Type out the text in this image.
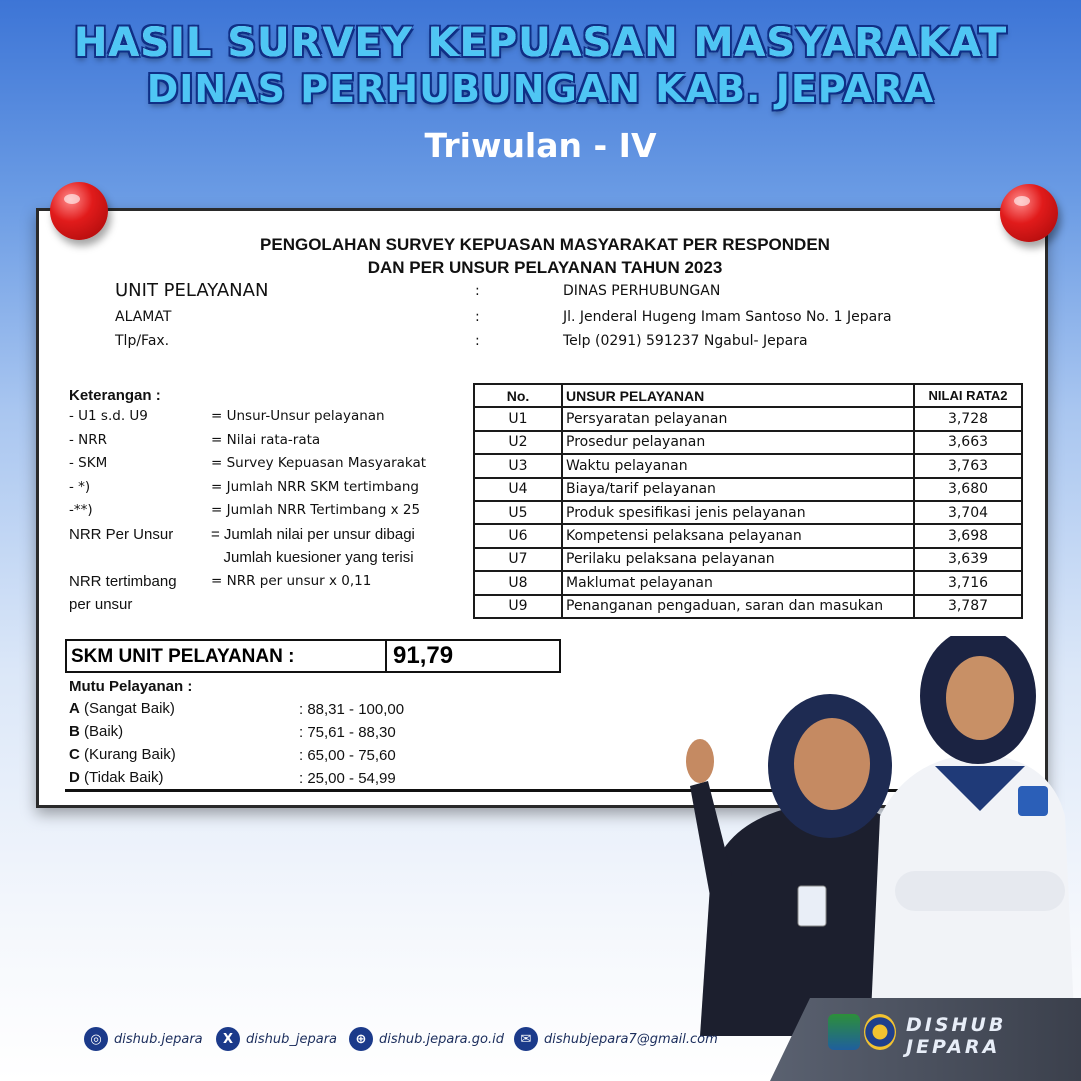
HASIL SURVEY KEPUASAN MASYARAKAT
DINAS PERHUBUNGAN KAB. JEPARA
Triwulan - IV
PENGOLAHAN SURVEY KEPUASAN MASYARAKAT PER RESPONDEN
DAN PER UNSUR PELAYANAN TAHUN 2023
UNIT PELAYANAN	:	DINAS PERHUBUNGAN
ALAMAT	:	Jl. Jenderal Hugeng Imam Santoso No. 1 Jepara
Tlp/Fax.	:	Telp (0291) 591237 Ngabul- Jepara
Keterangan :
- U1 s.d. U9	= Unsur-Unsur pelayanan
- NRR	= Nilai rata-rata
- SKM	= Survey Kepuasan Masyarakat
- *)	= Jumlah NRR SKM tertimbang
-**)	= Jumlah NRR Tertimbang x 25
NRR Per Unsur	= Jumlah nilai per unsur dibagi
Jumlah kuesioner yang terisi
NRR tertimbang	= NRR per unsur x 0,11
per unsur
No.	UNSUR PELAYANAN	NILAI RATA2
U1	Persyaratan pelayanan	3,728
U2	Prosedur pelayanan	3,663
U3	Waktu pelayanan	3,763
U4	Biaya/tarif pelayanan	3,680
U5	Produk spesifikasi jenis pelayanan	3,704
U6	Kompetensi pelaksana pelayanan	3,698
U7	Perilaku pelaksana pelayanan	3,639
U8	Maklumat pelayanan	3,716
U9	Penanganan pengaduan, saran dan masukan	3,787
SKM UNIT PELAYANAN :	91,79
Mutu Pelayanan :
A (Sangat Baik)	: 88,31 - 100,00
B (Baik)	: 75,61 - 88,30
C (Kurang Baik)	: 65,00 - 75,60
D (Tidak Baik)	: 25,00 - 54,99
◎ dishub.jepara	X dishub_jepara	⊕ dishub.jepara.go.id	✉ dishubjepara7@gmail.com
DISHUB
JEPARA
